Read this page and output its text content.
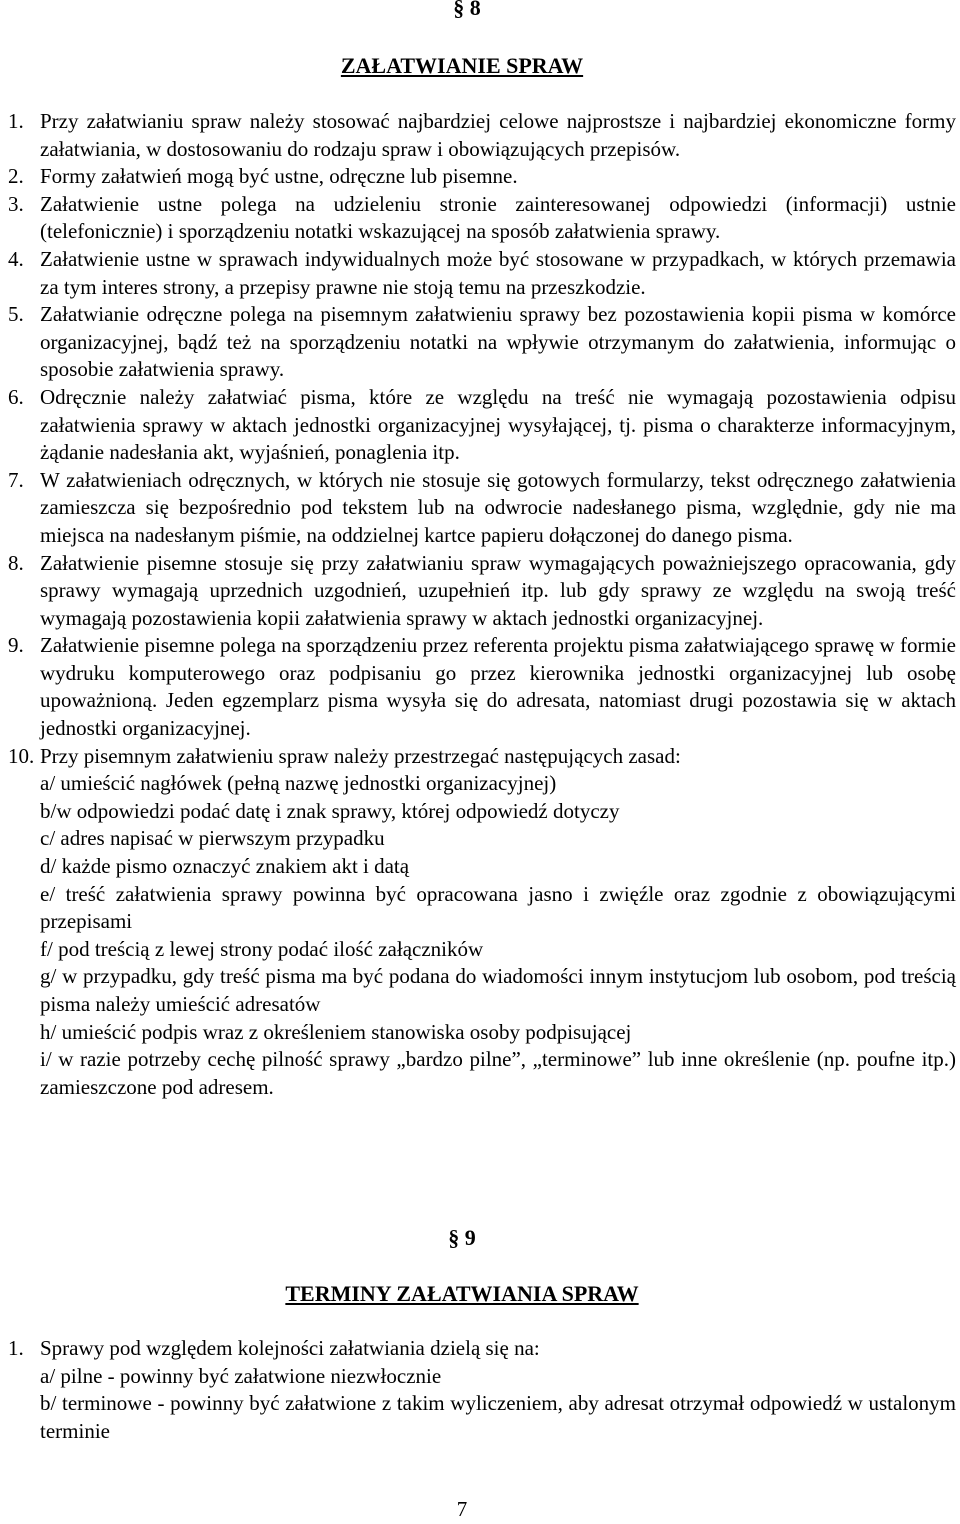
§ 8
ZAŁATWIANIE SPRAW
1. Przy załatwianiu spraw należy stosować najbardziej celowe najprostsze i najbardziej ekonomiczne formy załatwiania, w dostosowaniu do rodzaju spraw i obowiązujących przepisów.
2. Formy załatwień mogą być ustne, odręczne lub pisemne.
3. Załatwienie ustne polega na udzieleniu stronie zainteresowanej odpowiedzi (informacji) ustnie (telefonicznie) i sporządzeniu notatki wskazującej na sposób załatwienia sprawy.
4. Załatwienie ustne w sprawach indywidualnych może być stosowane w przypadkach, w których przemawia za tym interes strony, a przepisy prawne nie stoją temu na przeszkodzie.
5. Załatwianie odręczne polega na pisemnym załatwieniu sprawy bez pozostawienia kopii pisma w komórce organizacyjnej, bądź też na sporządzeniu notatki na wpływie otrzymanym do załatwienia, informując o sposobie załatwienia sprawy.
6. Odręcznie należy załatwiać pisma, które ze względu na treść nie wymagają pozostawienia odpisu załatwienia sprawy w aktach jednostki organizacyjnej wysyłającej, tj. pisma o charakterze informacyjnym, żądanie nadesłania akt, wyjaśnień, ponaglenia itp.
7. W załatwieniach odręcznych, w których nie stosuje się gotowych formularzy, tekst odręcznego załatwienia zamieszcza się bezpośrednio pod tekstem lub na odwrocie nadesłanego pisma, względnie, gdy nie ma miejsca na nadesłanym piśmie, na oddzielnej kartce papieru dołączonej do danego pisma.
8. Załatwienie pisemne stosuje się przy załatwianiu spraw wymagających poważniejszego opracowania, gdy sprawy wymagają uprzednich uzgodnień, uzupełnień itp. lub gdy sprawy ze względu na swoją treść wymagają pozostawienia kopii załatwienia sprawy w aktach jednostki organizacyjnej.
9. Załatwienie pisemne polega na sporządzeniu przez referenta projektu pisma załatwiającego sprawę w formie wydruku komputerowego oraz podpisaniu go przez kierownika jednostki organizacyjnej lub osobę upoważnioną. Jeden egzemplarz pisma wysyła się do adresata, natomiast drugi pozostawia się w aktach jednostki organizacyjnej.
10. Przy pisemnym załatwieniu spraw należy przestrzegać następujących zasad:
a/ umieścić nagłówek (pełną nazwę jednostki organizacyjnej)
b/w odpowiedzi podać datę i znak sprawy, której odpowiedź dotyczy
c/ adres napisać w pierwszym przypadku
d/ każde pismo oznaczyć znakiem akt i datą
e/ treść załatwienia sprawy powinna być opracowana jasno i zwięźle oraz zgodnie z obowiązującymi przepisami
f/ pod treścią z lewej strony podać ilość załączników
g/ w przypadku, gdy treść pisma ma być podana do wiadomości innym instytucjom lub osobom, pod treścią pisma należy umieścić adresatów
h/ umieścić podpis wraz z określeniem stanowiska osoby podpisującej
i/ w razie potrzeby cechę pilność sprawy „bardzo pilne”, „terminowe” lub inne określenie (np. poufne itp.) zamieszczone pod adresem.
§ 9
TERMINY ZAŁATWIANIA SPRAW
1. Sprawy pod względem kolejności załatwiania dzielą się na:
a/ pilne - powinny być załatwione niezwłocznie
b/ terminowe - powinny być załatwione z takim wyliczeniem, aby adresat otrzymał odpowiedź w ustalonym terminie
7
